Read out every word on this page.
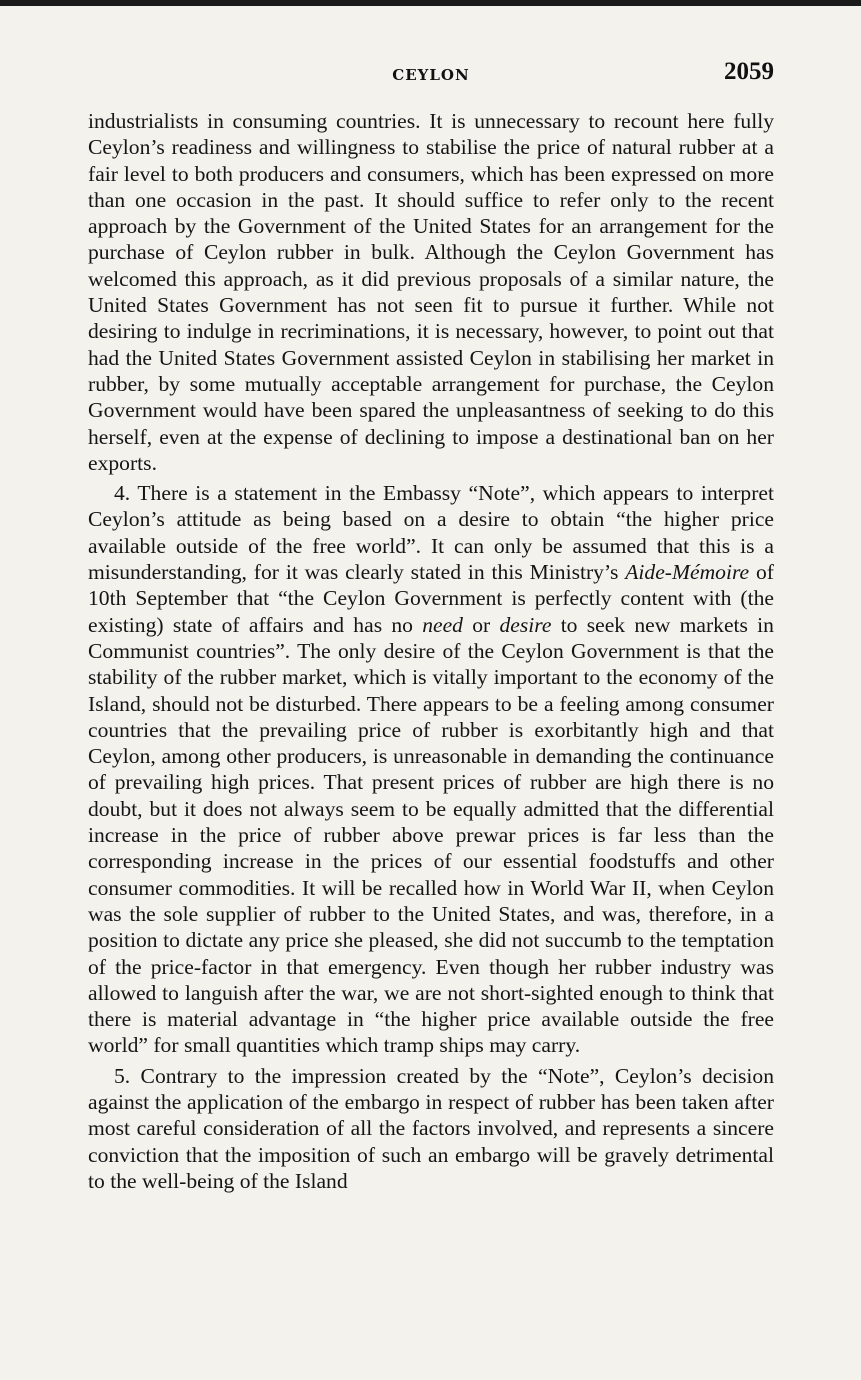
CEYLON	2059

industrialists in consuming countries. It is unnecessary to recount here fully Ceylon’s readiness and willingness to stabilise the price of natural rubber at a fair level to both producers and consumers, which has been expressed on more than one occasion in the past. It should suffice to refer only to the recent approach by the Government of the United States for an arrangement for the purchase of Ceylon rubber in bulk. Although the Ceylon Government has welcomed this approach, as it did previous proposals of a similar nature, the United States Government has not seen fit to pursue it further. While not desiring to indulge in recriminations, it is necessary, however, to point out that had the United States Government assisted Ceylon in stabilising her market in rubber, by some mutually acceptable arrangement for purchase, the Ceylon Government would have been spared the unpleasantness of seeking to do this herself, even at the expense of declining to impose a destinational ban on her exports.

4. There is a statement in the Embassy “Note”, which appears to interpret Ceylon’s attitude as being based on a desire to obtain “the higher price available outside of the free world”. It can only be assumed that this is a misunderstanding, for it was clearly stated in this Ministry’s Aide-Mémoire of 10th September that “the Ceylon Government is perfectly content with (the existing) state of affairs and has no need or desire to seek new markets in Communist countries”. The only desire of the Ceylon Government is that the stability of the rubber market, which is vitally important to the economy of the Island, should not be disturbed. There appears to be a feeling among consumer countries that the prevailing price of rubber is exorbitantly high and that Ceylon, among other producers, is unreasonable in demanding the continuance of prevailing high prices. That present prices of rubber are high there is no doubt, but it does not always seem to be equally admitted that the differential increase in the price of rubber above prewar prices is far less than the corresponding increase in the prices of our essential foodstuffs and other consumer commodities. It will be recalled how in World War II, when Ceylon was the sole supplier of rubber to the United States, and was, therefore, in a position to dictate any price she pleased, she did not succumb to the temptation of the price-factor in that emergency. Even though her rubber industry was allowed to languish after the war, we are not short-sighted enough to think that there is material advantage in “the higher price available outside the free world” for small quantities which tramp ships may carry.

5. Contrary to the impression created by the “Note”, Ceylon’s decision against the application of the embargo in respect of rubber has been taken after most careful consideration of all the factors involved, and represents a sincere conviction that the imposition of such an embargo will be gravely detrimental to the well-being of the Island
